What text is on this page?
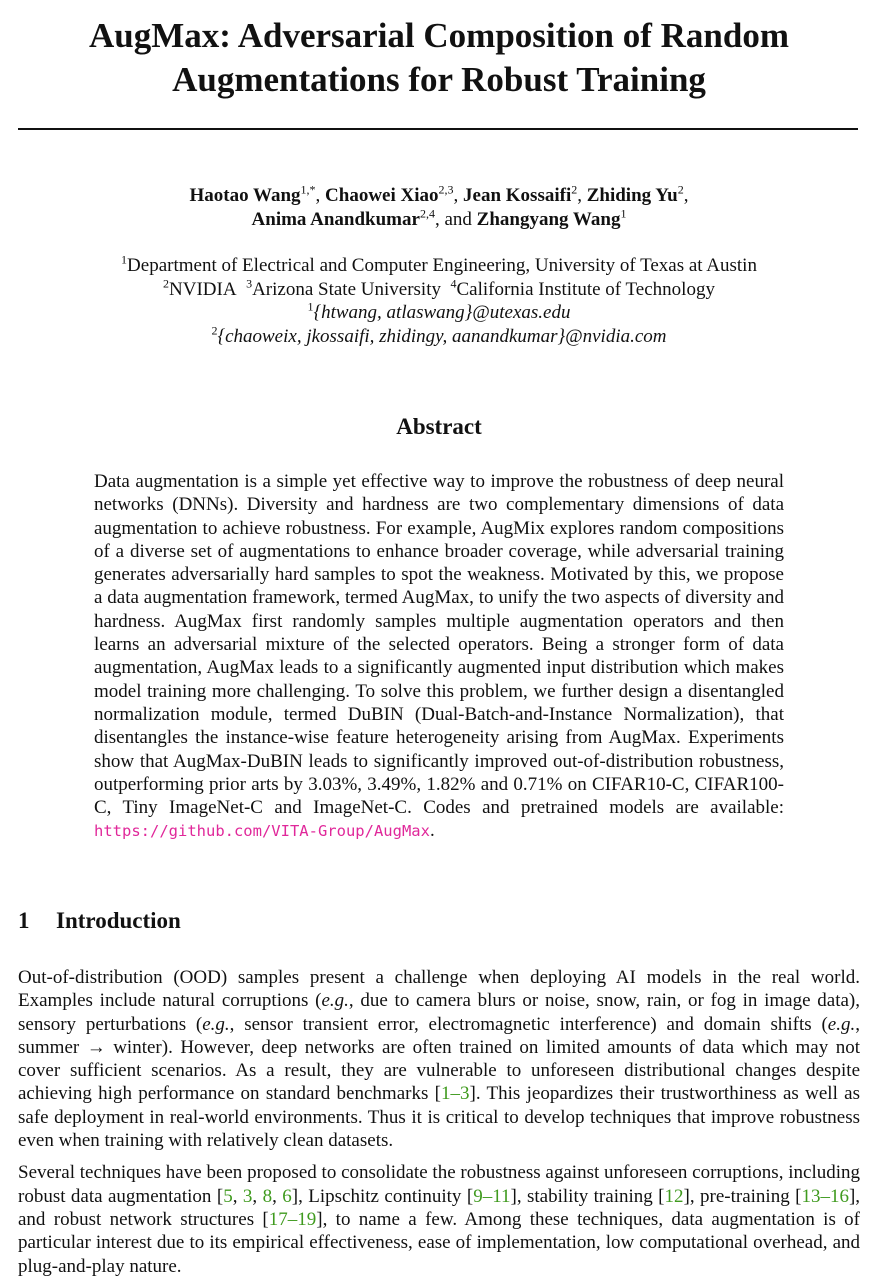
AugMax: Adversarial Composition of Random
Augmentations for Robust Training
Haotao Wang$^{1,*}$, Chaowei Xiao$^{2,3}$, Jean Kossaifi$^2$, Zhiding Yu$^2$,
Anima Anandkumar$^{2,4}$, and Zhangyang Wang$^1$
$^1$Department of Electrical and Computer Engineering, University of Texas at Austin
$^2$NVIDIA $^3$Arizona State University $^4$California Institute of Technology
$^1${htwang, atlaswang}@utexas.edu
$^2${chaoweix, jkossaifi, zhidingy, aanandkumar}@nvidia.com
Abstract
Data augmentation is a simple yet effective way to improve the robustness of deep neural networks (DNNs). Diversity and hardness are two complementary dimensions of data augmentation to achieve robustness. For example, AugMix explores random compositions of a diverse set of augmentations to enhance broader coverage, while adversarial training generates adversarially hard samples to spot the weakness. Motivated by this, we propose a data augmentation framework, termed AugMax, to unify the two aspects of diversity and hardness. AugMax first randomly samples multiple augmentation operators and then learns an adversarial mixture of the selected operators. Being a stronger form of data augmentation, AugMax leads to a significantly augmented input distribution which makes model training more challenging. To solve this problem, we further design a disentangled normalization module, termed DuBIN (Dual-Batch-and-Instance Normalization), that disentangles the instance-wise feature heterogeneity arising from AugMax. Experiments show that AugMax-DuBIN leads to significantly improved out-of-distribution robustness, outperforming prior arts by 3.03%, 3.49%, 1.82% and 0.71% on CIFAR10-C, CIFAR100-C, Tiny ImageNet-C and ImageNet-C. Codes and pretrained models are available: https://github.com/VITA-Group/AugMax.
1 Introduction

Out-of-distribution (OOD) samples present a challenge when deploying AI models in the real world. Examples include natural corruptions (e.g., due to camera blurs or noise, snow, rain, or fog in image data), sensory perturbations (e.g., sensor transient error, electromagnetic interference) and domain shifts (e.g., summer → winter). However, deep networks are often trained on limited amounts of data which may not cover sufficient scenarios. As a result, they are vulnerable to unforeseen distributional changes despite achieving high performance on standard benchmarks [1–3]. This jeopardizes their trustworthiness as well as safe deployment in real-world environments. Thus it is critical to develop techniques that improve robustness even when training with relatively clean datasets.

Several techniques have been proposed to consolidate the robustness against unforeseen corruptions, including robust data augmentation [5, 3, 8, 6], Lipschitz continuity [9–11], stability training [12], pre-training [13–16], and robust network structures [17–19], to name a few. Among these techniques, data augmentation is of particular interest due to its empirical effectiveness, ease of implementation, low computational overhead, and plug-and-play nature.
